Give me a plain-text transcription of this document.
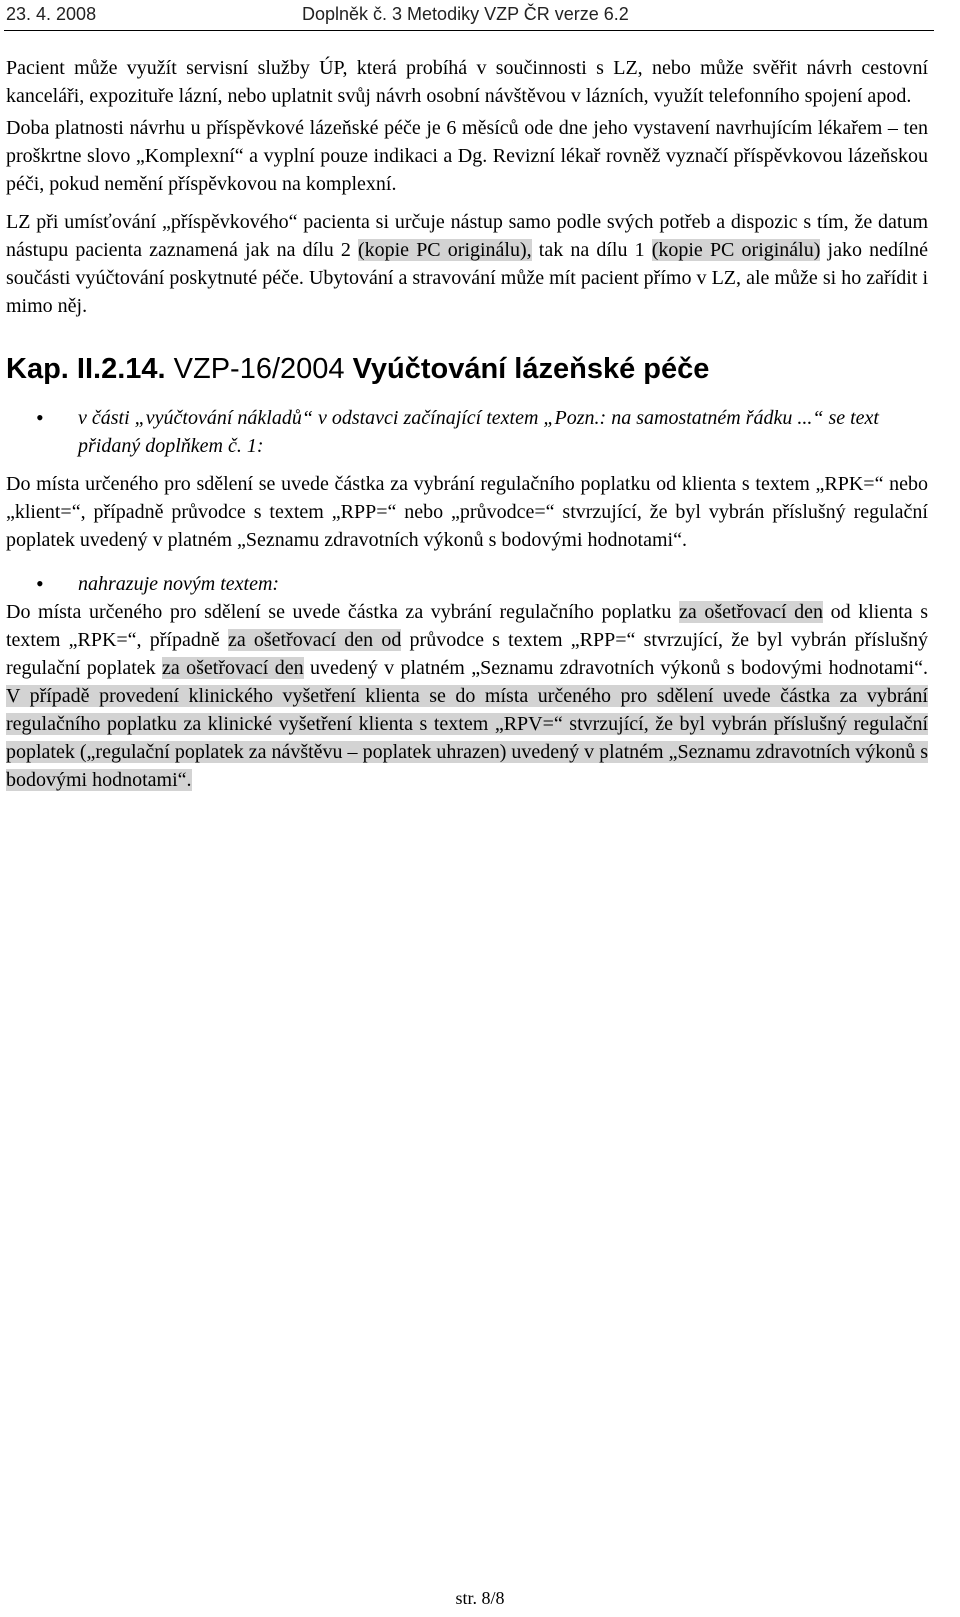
23. 4. 2008	Doplněk č. 3 Metodiky VZP ČR verze 6.2

Pacient může využít servisní služby ÚP, která probíhá v součinnosti s LZ, nebo může svěřit návrh cestovní kanceláři, expozituře lázní, nebo uplatnit svůj návrh osobní návštěvou v lázních, využít telefonního spojení apod.

Doba platnosti návrhu u příspěvkové lázeňské péče je 6 měsíců ode dne jeho vystavení navrhujícím lékařem – ten proškrtne slovo „Komplexní“ a vyplní pouze indikaci a Dg. Revizní lékař rovněž vyznačí příspěvkovou lázeňskou péči, pokud nemění příspěvkovou na komplexní.

LZ při umísťování „příspěvkového“ pacienta si určuje nástup samo podle svých potřeb a dispozic s tím, že datum nástupu pacienta zaznamená jak na dílu 2 (kopie PC originálu), tak na dílu 1 (kopie PC originálu) jako nedílné součásti vyúčtování poskytnuté péče. Ubytování a stravování může mít pacient přímo v LZ, ale může si ho zařídit i mimo něj.

Kap. II.2.14. VZP-16/2004 Vyúčtování lázeňské péče
•	v části „vyúčtování nákladů“ v odstavci začínající textem „Pozn.: na samostatném řádku ...“ se text přidaný doplňkem č. 1:

Do místa určeného pro sdělení se uvede částka za vybrání regulačního poplatku od klienta s textem „RPK=“ nebo „klient=“, případně průvodce s textem „RPP=“ nebo „průvodce=“ stvrzující, že byl vybrán příslušný regulační poplatek uvedený v platném „Seznamu zdravotních výkonů s bodovými hodnotami“.

•	nahrazuje novým textem:

Do místa určeného pro sdělení se uvede částka za vybrání regulačního poplatku za ošetřovací den od klienta s textem „RPK=“, případně za ošetřovací den od průvodce s textem „RPP=“ stvrzující, že byl vybrán příslušný regulační poplatek za ošetřovací den uvedený v platném „Seznamu zdravotních výkonů s bodovými hodnotami“. V případě provedení klinického vyšetření klienta se do místa určeného pro sdělení uvede částka za vybrání regulačního poplatku za klinické vyšetření klienta s textem „RPV=“ stvrzující, že byl vybrán příslušný regulační poplatek („regulační poplatek za návštěvu – poplatek uhrazen) uvedený v platném „Seznamu zdravotních výkonů s bodovými hodnotami“.

str. 8/8
